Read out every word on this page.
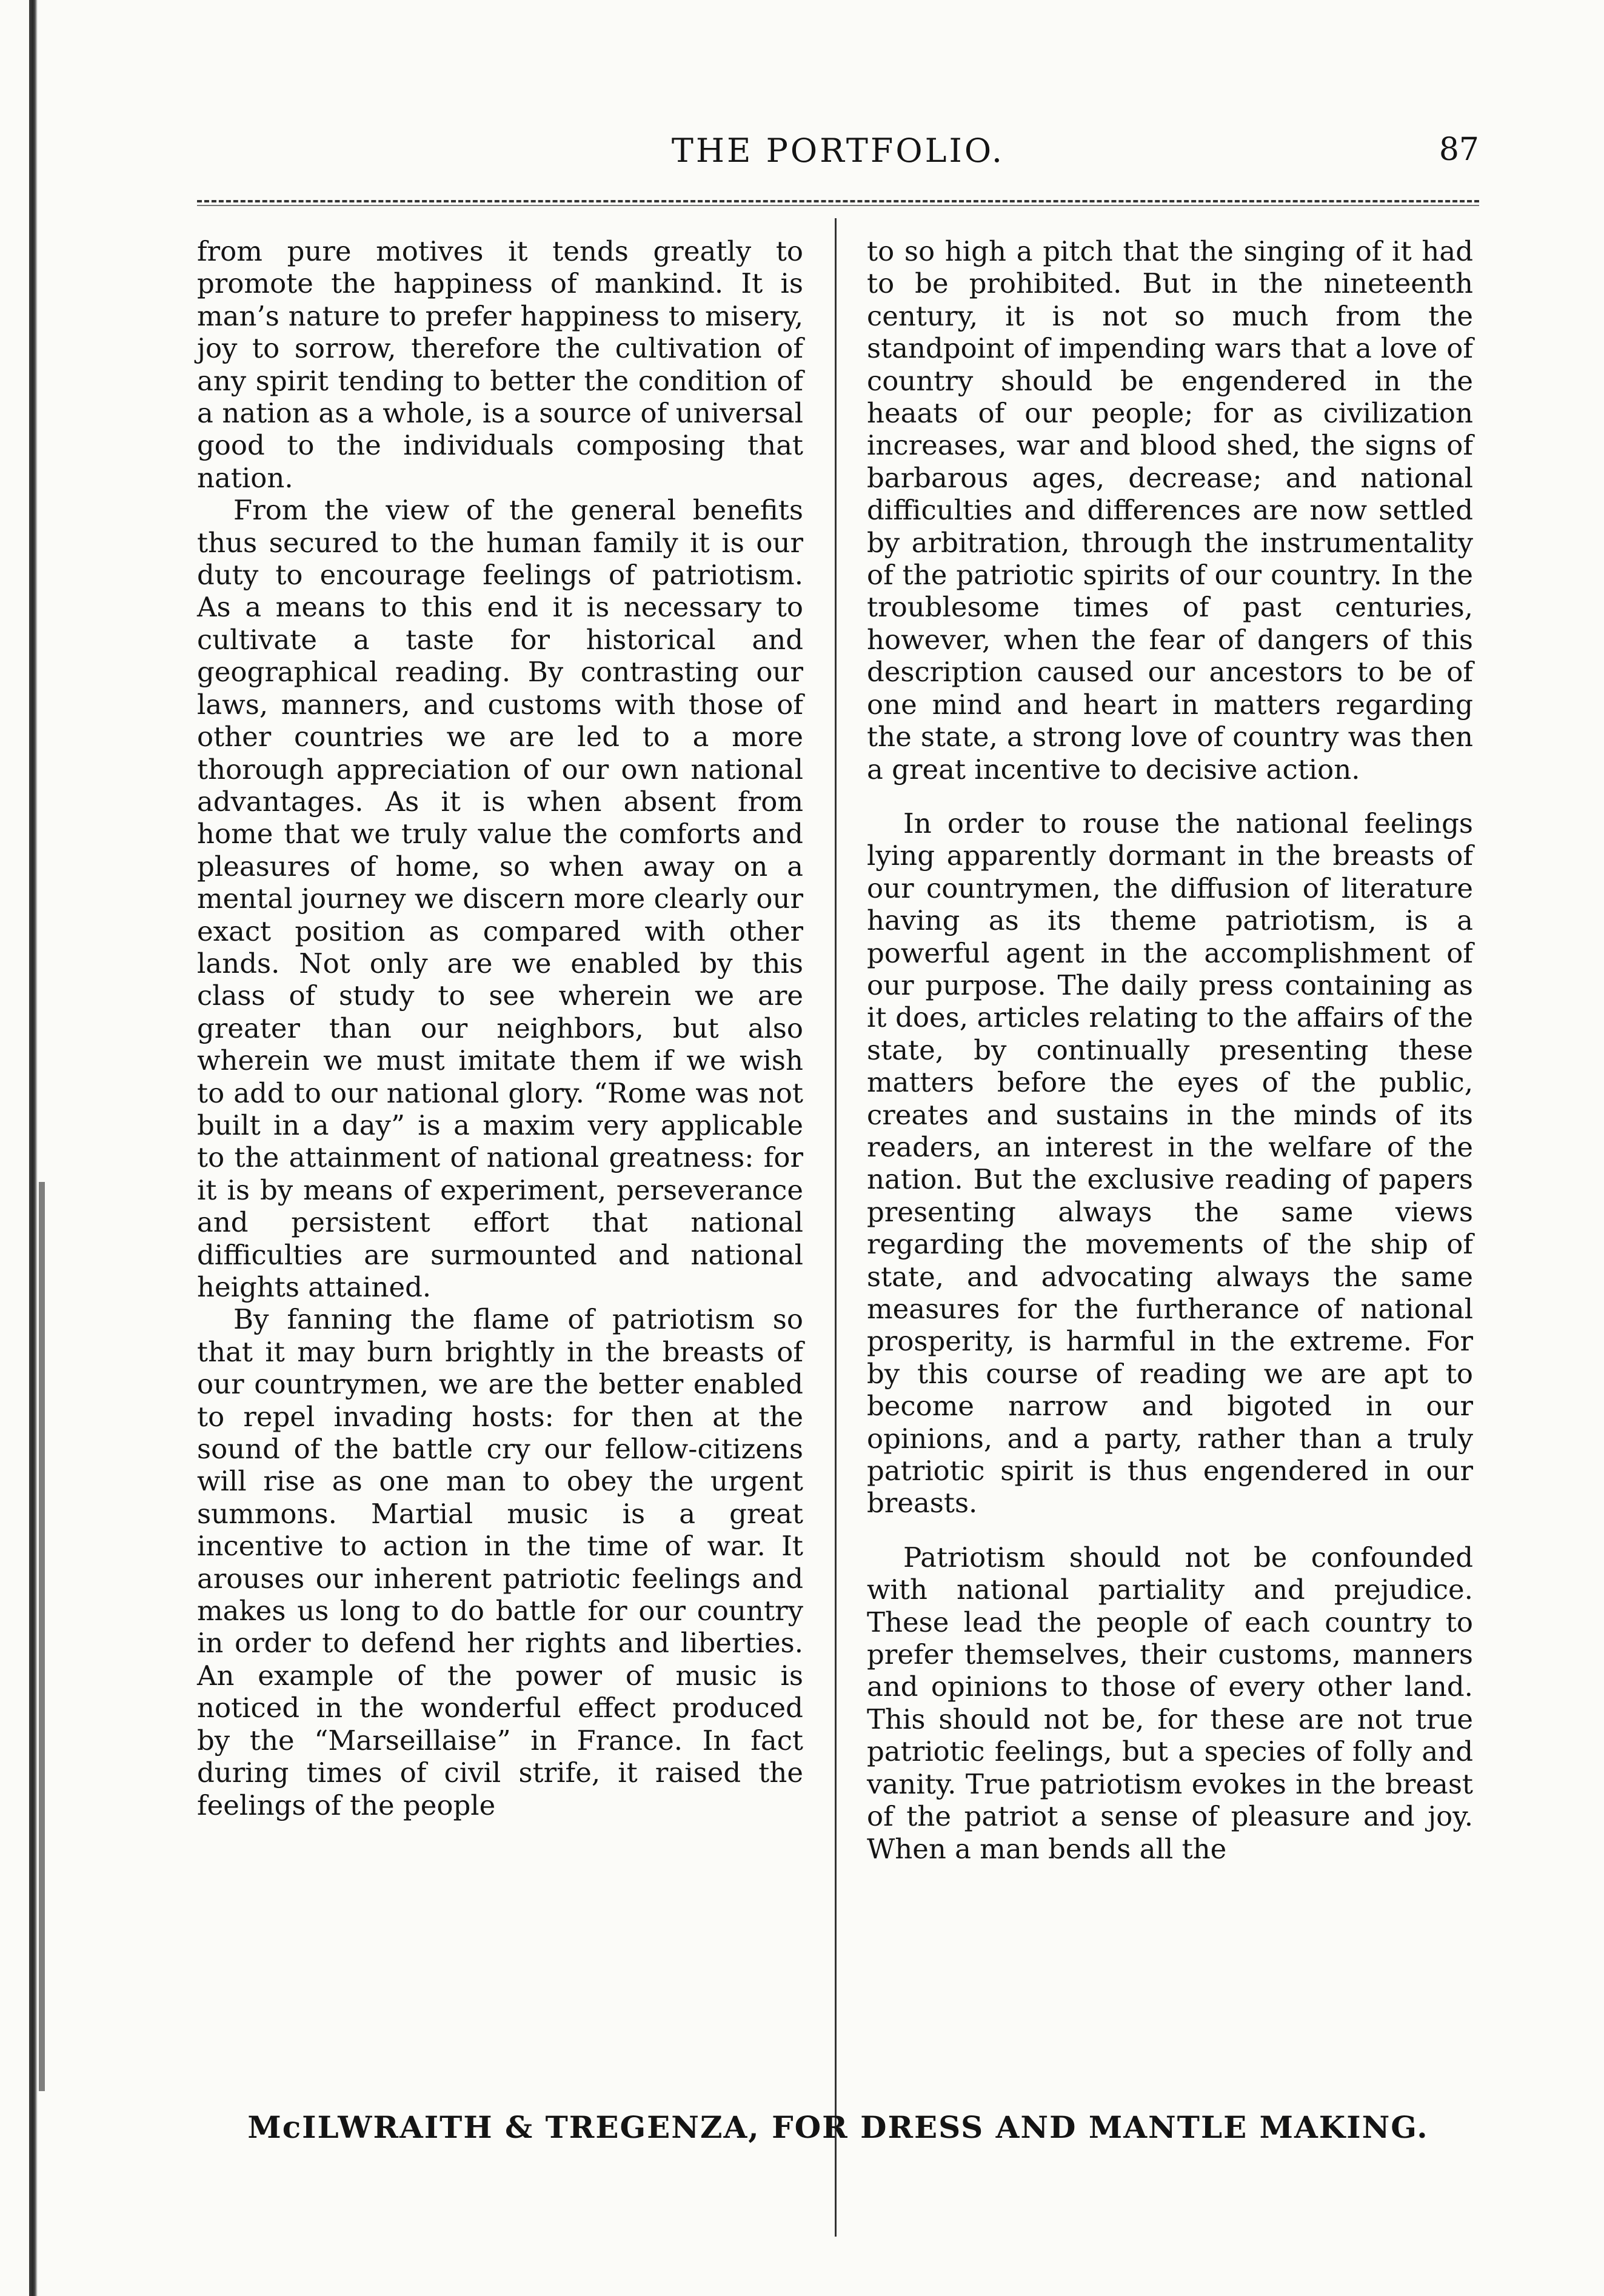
THE PORTFOLIO.	87

from pure motives it tends greatly to promote the happiness of mankind. It is man’s nature to prefer happiness to misery, joy to sorrow, therefore the cultivation of any spirit tending to better the condition of a nation as a whole, is a source of universal good to the individuals composing that nation.

From the view of the general benefits thus secured to the human family it is our duty to encourage feelings of patriotism. As a means to this end it is necessary to cultivate a taste for historical and geographical reading. By contrasting our laws, manners, and customs with those of other countries we are led to a more thorough appreciation of our own national advantages. As it is when absent from home that we truly value the comforts and pleasures of home, so when away on a mental journey we discern more clearly our exact position as compared with other lands. Not only are we enabled by this class of study to see wherein we are greater than our neighbors, but also wherein we must imitate them if we wish to add to our national glory. “Rome was not built in a day” is a maxim very applicable to the attainment of national greatness: for it is by means of experiment, perseverance and persistent effort that national difficulties are surmounted and national heights attained.

By fanning the flame of patriotism so that it may burn brightly in the breasts of our countrymen, we are the better enabled to repel invading hosts: for then at the sound of the battle cry our fellow-citizens will rise as one man to obey the urgent summons. Martial music is a great incentive to action in the time of war. It arouses our inherent patriotic feelings and makes us long to do battle for our country in order to defend her rights and liberties. An example of the power of music is noticed in the wonderful effect produced by the “Marseillaise” in France. In fact during times of civil strife, it raised the feelings of the people

to so high a pitch that the singing of it had to be prohibited. But in the nineteenth century, it is not so much from the standpoint of impending wars that a love of country should be engendered in the heaats of our people; for as civilization increases, war and blood shed, the signs of barbarous ages, decrease; and national difficulties and differences are now settled by arbitration, through the instrumentality of the patriotic spirits of our country. In the troublesome times of past centuries, however, when the fear of dangers of this description caused our ancestors to be of one mind and heart in matters regarding the state, a strong love of country was then a great incentive to decisive action.

In order to rouse the national feelings lying apparently dormant in the breasts of our countrymen, the diffusion of literature having as its theme patriotism, is a powerful agent in the accomplishment of our purpose. The daily press containing as it does, articles relating to the affairs of the state, by continually presenting these matters before the eyes of the public, creates and sustains in the minds of its readers, an interest in the welfare of the nation. But the exclusive reading of papers presenting always the same views regarding the movements of the ship of state, and advocating always the same measures for the furtherance of national prosperity, is harmful in the extreme. For by this course of reading we are apt to become narrow and bigoted in our opinions, and a party, rather than a truly patriotic spirit is thus engendered in our breasts.

Patriotism should not be confounded with national partiality and prejudice. These lead the people of each country to prefer themselves, their customs, manners and opinions to those of every other land. This should not be, for these are not true patriotic feelings, but a species of folly and vanity. True patriotism evokes in the breast of the patriot a sense of pleasure and joy. When a man bends all the

McILWRAITH & TREGENZA, FOR DRESS AND MANTLE MAKING.
